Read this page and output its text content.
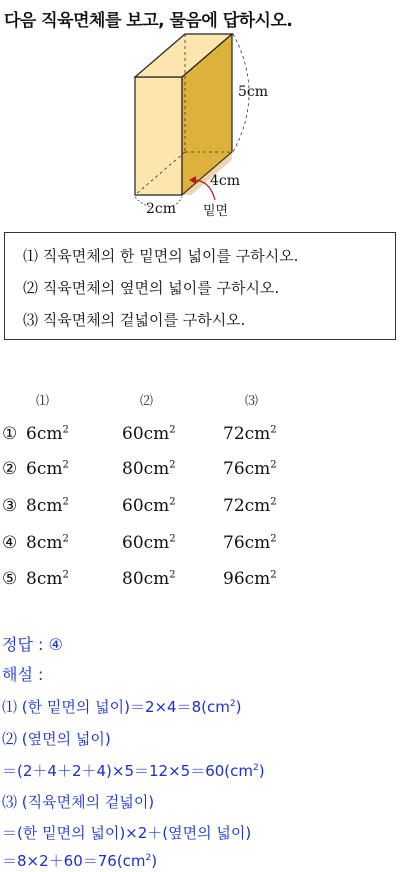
다음 직육면체를 보고, 물음에 답하시오.
5cm
4cm
2cm 밑면
⑴ 직육면체의 한 밑면의 넓이를 구하시오.
⑵ 직육면체의 옆면의 넓이를 구하시오.
⑶ 직육면체의 겉넓이를 구하시오.
⑴	⑵	⑶
① $6cm^2$	$60cm^2$	$72cm^2$
② $6cm^2$	$80cm^2$	$76cm^2$
③ $8cm^2$	$60cm^2$	$72cm^2$
④ $8cm^2$	$60cm^2$	$76cm^2$
⑤ $8cm^2$	$80cm^2$	$96cm^2$
정답 : ④
해설 :
⑴ (한 밑면의 넓이)$=2\times 4=8(cm^2)$
⑵ (옆면의 넓이)
$=(2+4+2+4)\times 5=12\times 5=60(cm^2)$
⑶ (직육면체의 겉넓이)
＝(한 밑면의 넓이)×2＋(옆면의 넓이)
$=8\times 2+60=76(cm^2)$
